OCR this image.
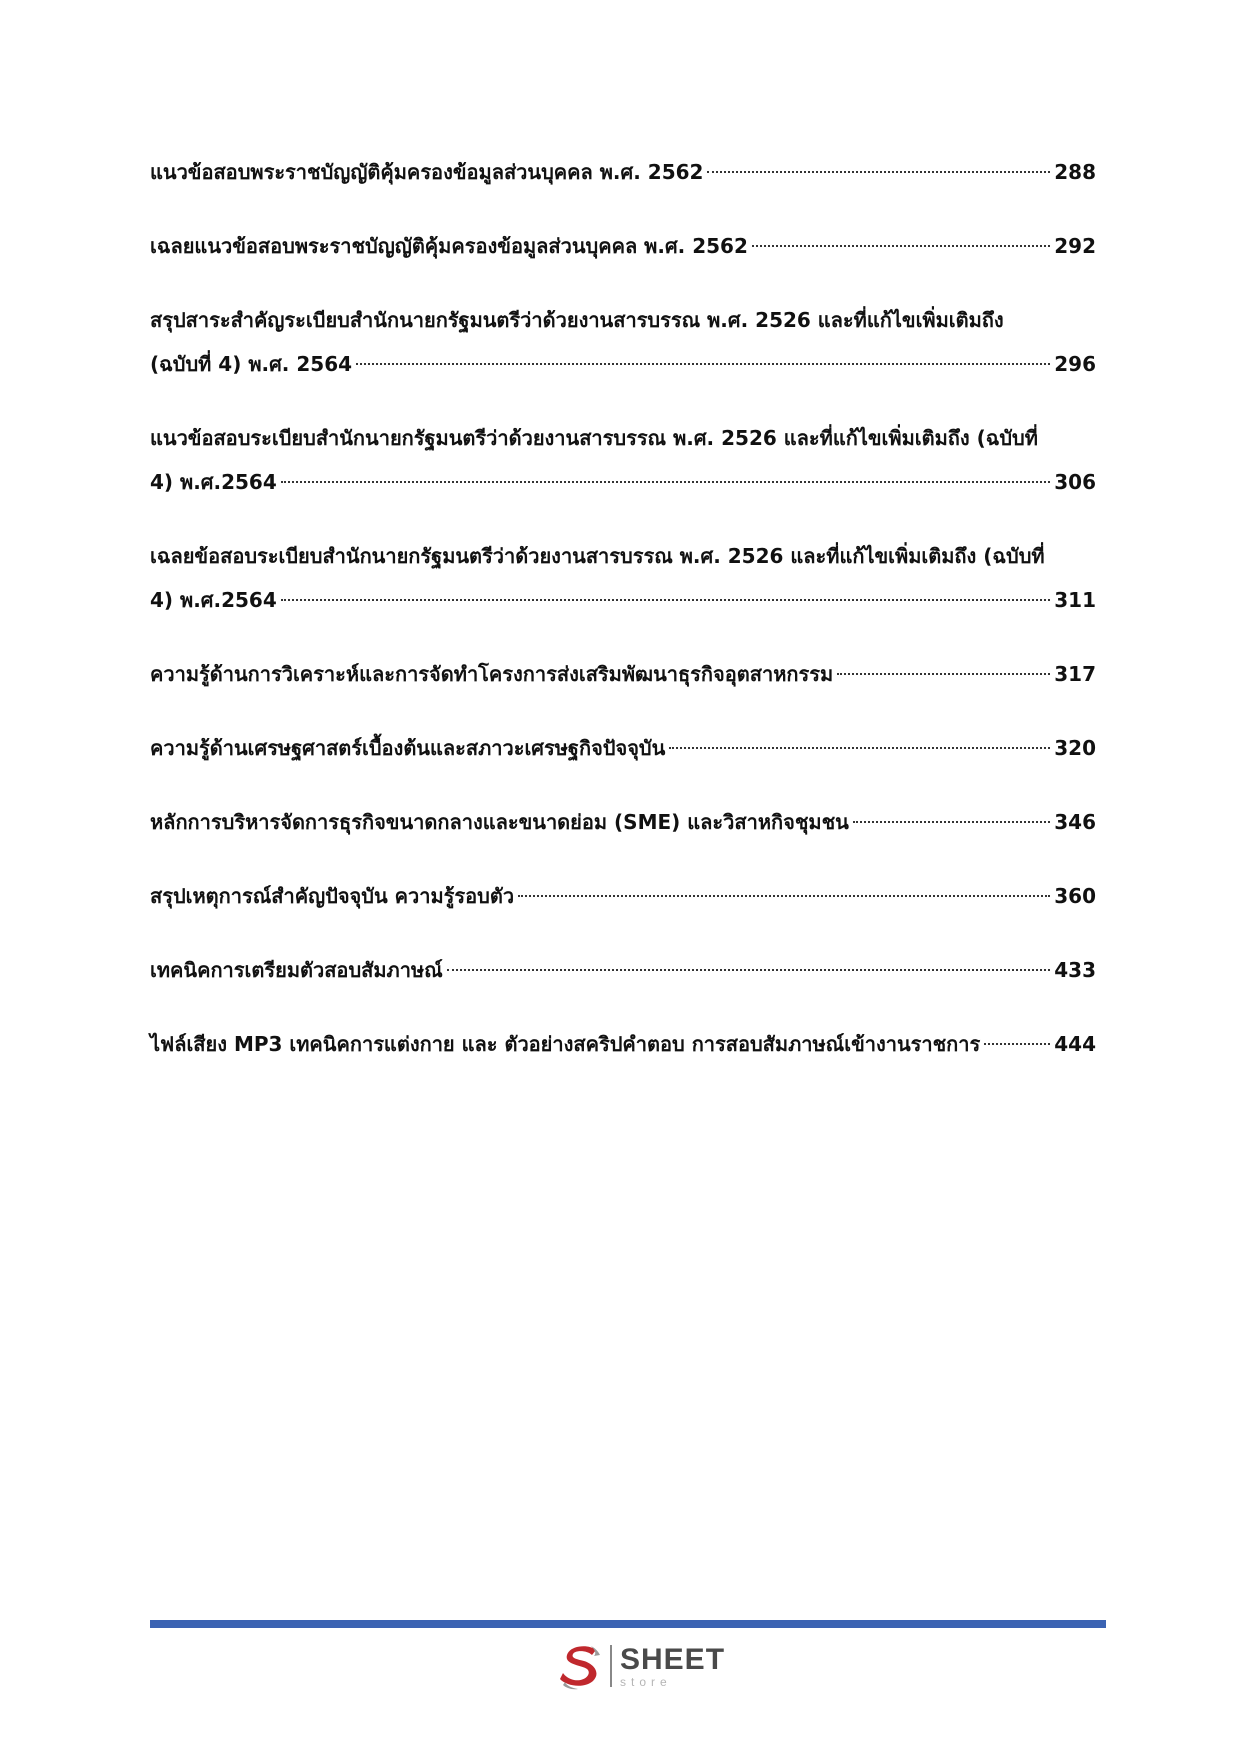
แนวข้อสอบพระราชบัญญัติคุ้มครองข้อมูลส่วนบุคคล พ.ศ. 2562	288
เฉลยแนวข้อสอบพระราชบัญญัติคุ้มครองข้อมูลส่วนบุคคล พ.ศ. 2562	292
สรุปสาระสำคัญระเบียบสำนักนายกรัฐมนตรีว่าด้วยงานสารบรรณ พ.ศ. 2526 และที่แก้ไขเพิ่มเติมถึง
(ฉบับที่ 4) พ.ศ. 2564	296
แนวข้อสอบระเบียบสำนักนายกรัฐมนตรีว่าด้วยงานสารบรรณ พ.ศ. 2526 และที่แก้ไขเพิ่มเติมถึง (ฉบับที่
4) พ.ศ.2564	306
เฉลยข้อสอบระเบียบสำนักนายกรัฐมนตรีว่าด้วยงานสารบรรณ พ.ศ. 2526 และที่แก้ไขเพิ่มเติมถึง (ฉบับที่
4) พ.ศ.2564	311
ความรู้ด้านการวิเคราะห์และการจัดทำโครงการส่งเสริมพัฒนาธุรกิจอุตสาหกรรม	317
ความรู้ด้านเศรษฐศาสตร์เบื้องต้นและสภาวะเศรษฐกิจปัจจุบัน	320
หลักการบริหารจัดการธุรกิจขนาดกลางและขนาดย่อม (SME) และวิสาหกิจชุมชน	346
สรุปเหตุการณ์สำคัญปัจจุบัน ความรู้รอบตัว	360
เทคนิคการเตรียมตัวสอบสัมภาษณ์	433
ไฟล์เสียง MP3 เทคนิคการแต่งกาย และ ตัวอย่างสคริปคำตอบ การสอบสัมภาษณ์เข้างานราชการ	444
SHEET
store
